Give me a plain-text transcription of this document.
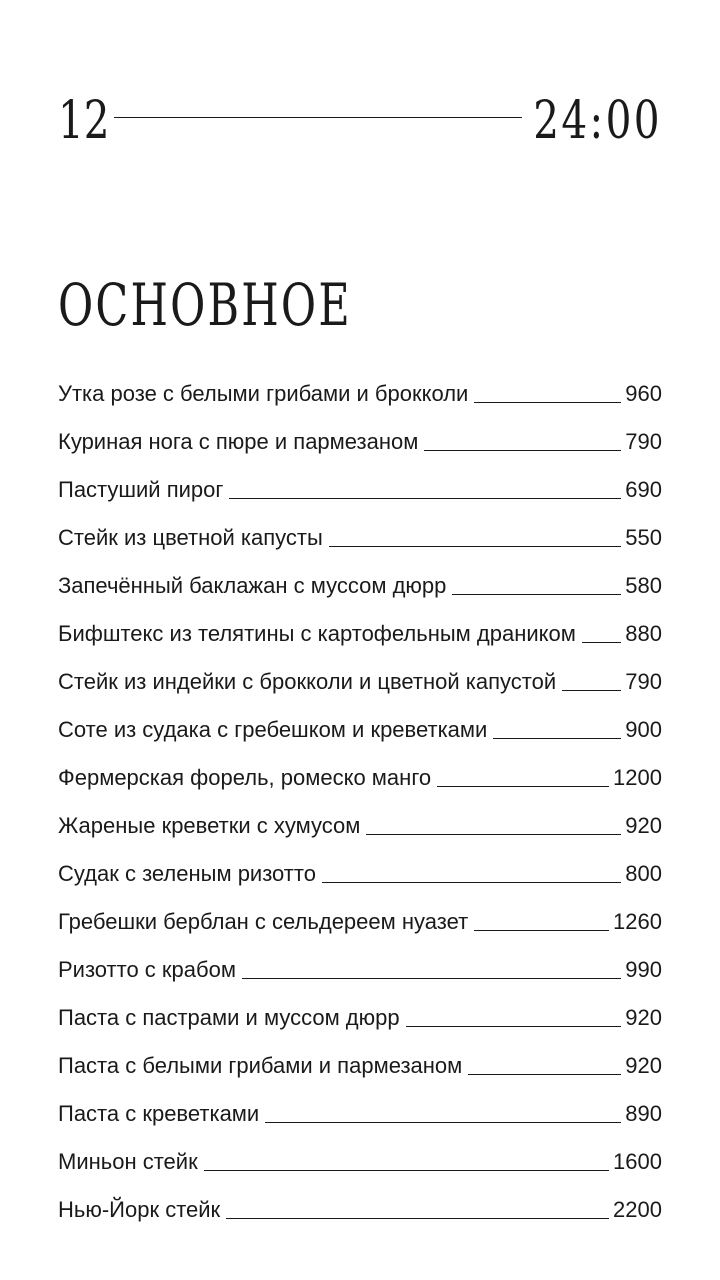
12	24:00
ОСНОВНОЕ
Утка розе с белыми грибами и брокколи	960
Куриная нога с пюре и пармезаном	790
Пастуший пирог	690
Стейк из цветной капусты	550
Запечённый баклажан с муссом дюрр	580
Бифштекс из телятины с картофельным драником 880
Стейк из индейки с брокколи и цветной капустой	790
Соте из судака с гребешком и креветками	900
Фермерская форель, ромеско манго	1200
Жареные креветки с хумусом	920
Судак с зеленым ризотто	800
Гребешки берблан с сельдереем нуазет	1260
Ризотто с крабом	990
Паста с пастрами и муссом дюрр	920
Паста с белыми грибами и пармезаном	920
Паста с креветками	890
Миньон стейк	1600
Нью-Йорк стейк	2200
